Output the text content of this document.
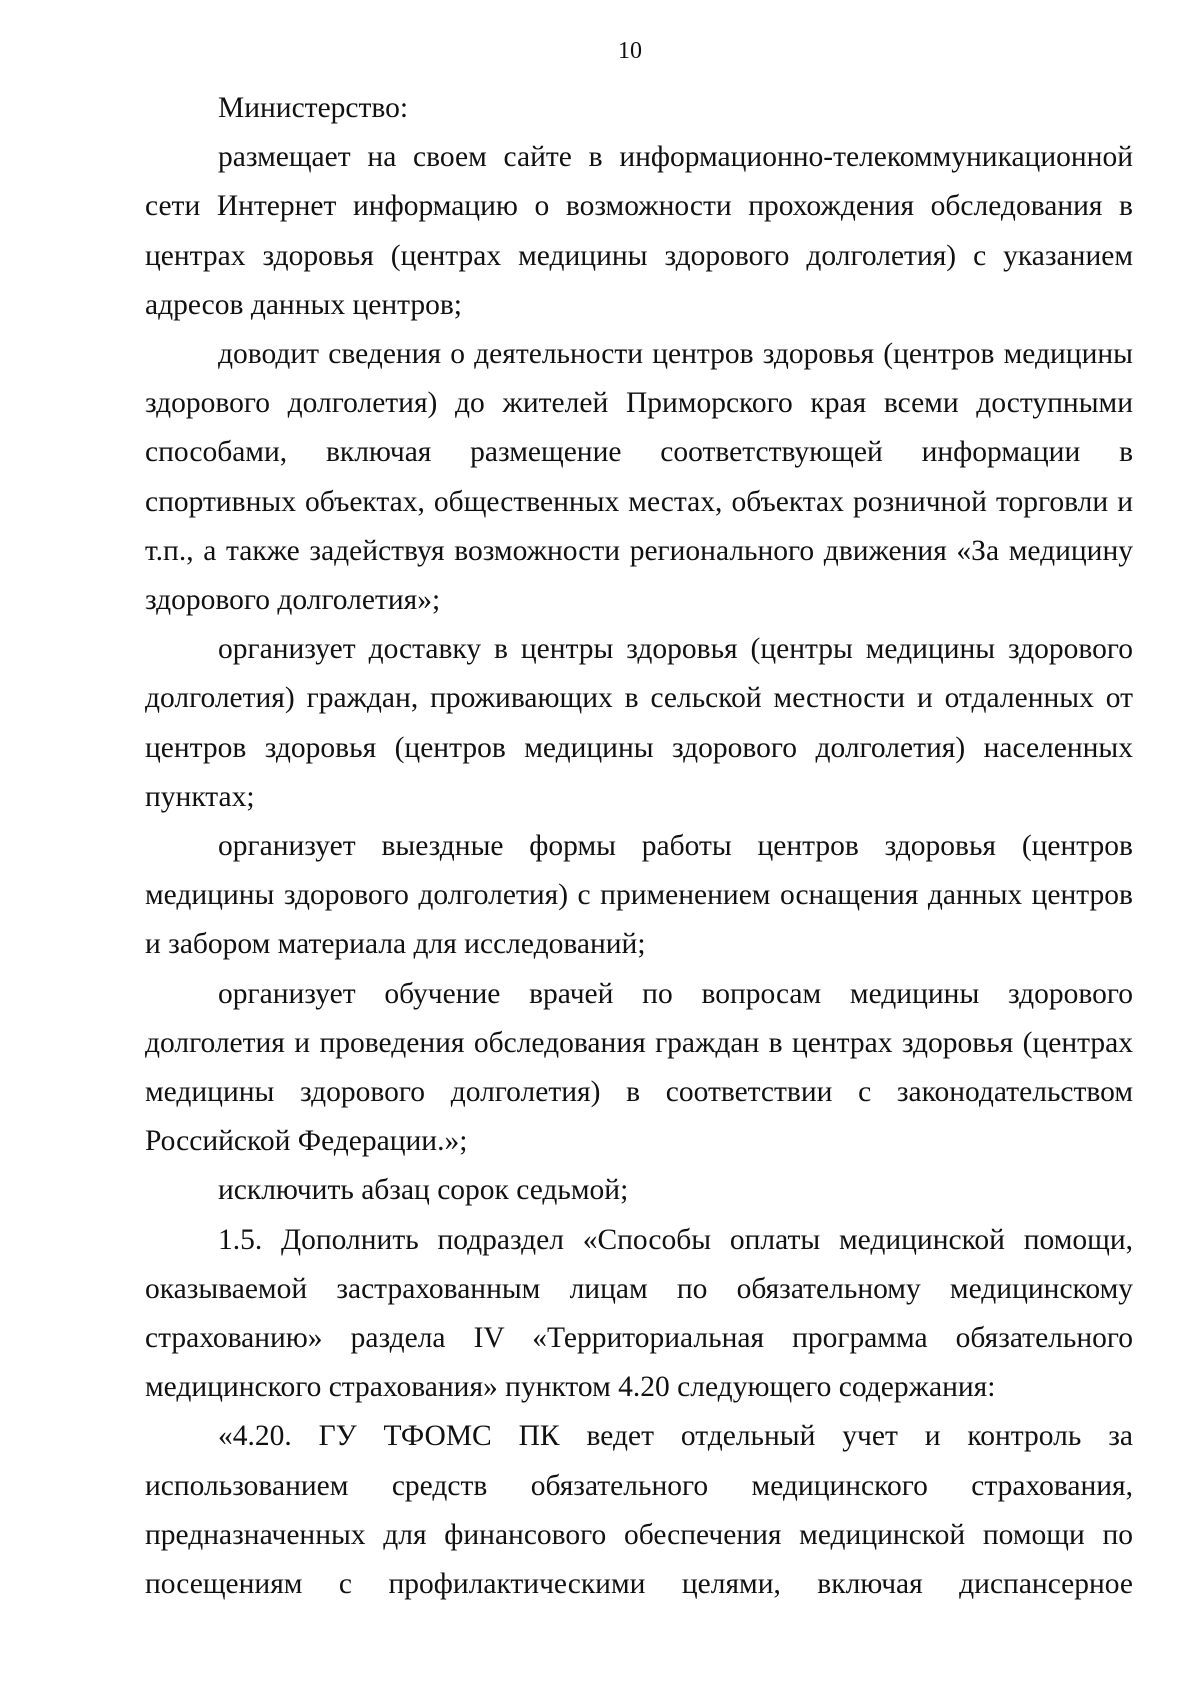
10

Министерство:

размещает на своем сайте в информационно-телекоммуникационной сети Интернет информацию о возможности прохождения обследования в центрах здоровья (центрах медицины здорового долголетия) с указанием адресов данных центров;

доводит сведения о деятельности центров здоровья (центров медицины здорового долголетия) до жителей Приморского края всеми доступными способами, включая размещение соответствующей информации в спортивных объектах, общественных местах, объектах розничной торговли и т.п., а также задействуя возможности регионального движения «За медицину здорового долголетия»;

организует доставку в центры здоровья (центры медицины здорового долголетия) граждан, проживающих в сельской местности и отдаленных от центров здоровья (центров медицины здорового долголетия) населенных пунктах;

организует выездные формы работы центров здоровья (центров медицины здорового долголетия) с применением оснащения данных центров и забором материала для исследований;

организует обучение врачей по вопросам медицины здорового долголетия и проведения обследования граждан в центрах здоровья (центрах медицины здорового долголетия) в соответствии с законодательством Российской Федерации.»;

исключить абзац сорок седьмой;

1.5. Дополнить подраздел «Способы оплаты медицинской помощи, оказываемой застрахованным лицам по обязательному медицинскому страхованию» раздела IV «Территориальная программа обязательного медицинского страхования» пунктом 4.20 следующего содержания:

«4.20. ГУ ТФОМС ПК ведет отдельный учет и контроль за использованием средств обязательного медицинского страхования, предназначенных для финансового обеспечения медицинской помощи по посещениям с профилактическими целями, включая диспансерное
